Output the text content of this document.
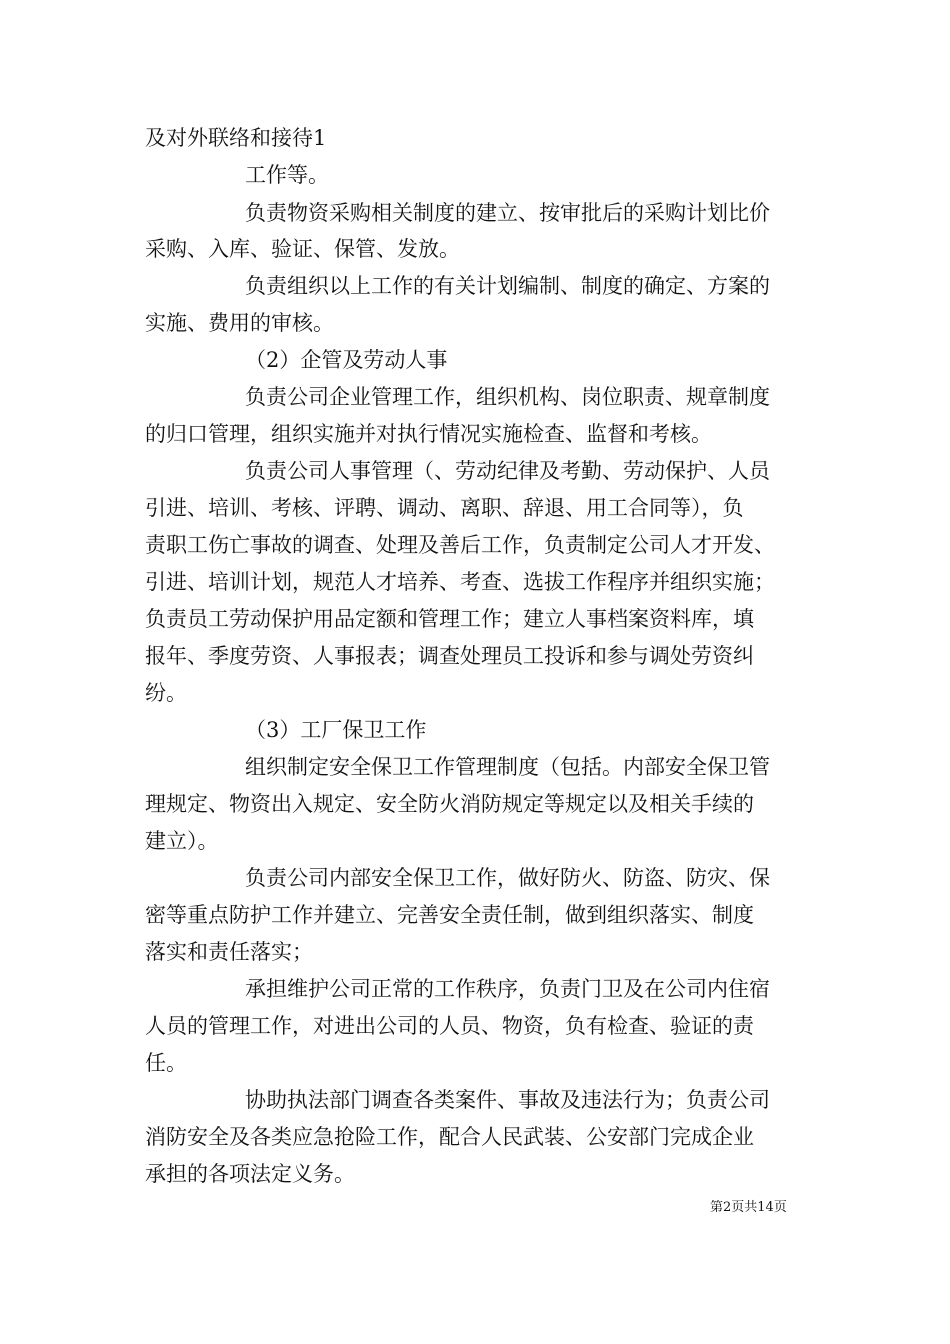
及对外联络和接待1
工作等。
负责物资采购相关制度的建立、按审批后的采购计划比价
采购、入库、验证、保管、发放。
负责组织以上工作的有关计划编制、制度的确定、方案的
实施、费用的审核。
（2）企管及劳动人事
负责公司企业管理工作，组织机构、岗位职责、规章制度
的归口管理，组织实施并对执行情况实施检查、监督和考核。
负责公司人事管理（、劳动纪律及考勤、劳动保护、人员
引进、培训、考核、评聘、调动、离职、辞退、用工合同等），负
责职工伤亡事故的调查、处理及善后工作，负责制定公司人才开发、
引进、培训计划，规范人才培养、考查、选拔工作程序并组织实施；
负责员工劳动保护用品定额和管理工作；建立人事档案资料库，填
报年、季度劳资、人事报表；调查处理员工投诉和参与调处劳资纠
纷。
（3）工厂保卫工作
组织制定安全保卫工作管理制度（包括。内部安全保卫管
理规定、物资出入规定、安全防火消防规定等规定以及相关手续的
建立）。
负责公司内部安全保卫工作，做好防火、防盗、防灾、保
密等重点防护工作并建立、完善安全责任制，做到组织落实、制度
落实和责任落实；
承担维护公司正常的工作秩序，负责门卫及在公司内住宿
人员的管理工作，对进出公司的人员、物资，负有检查、验证的责
任。
协助执法部门调查各类案件、事故及违法行为；负责公司
消防安全及各类应急抢险工作，配合人民武装、公安部门完成企业
承担的各项法定义务。
第2页共14页
